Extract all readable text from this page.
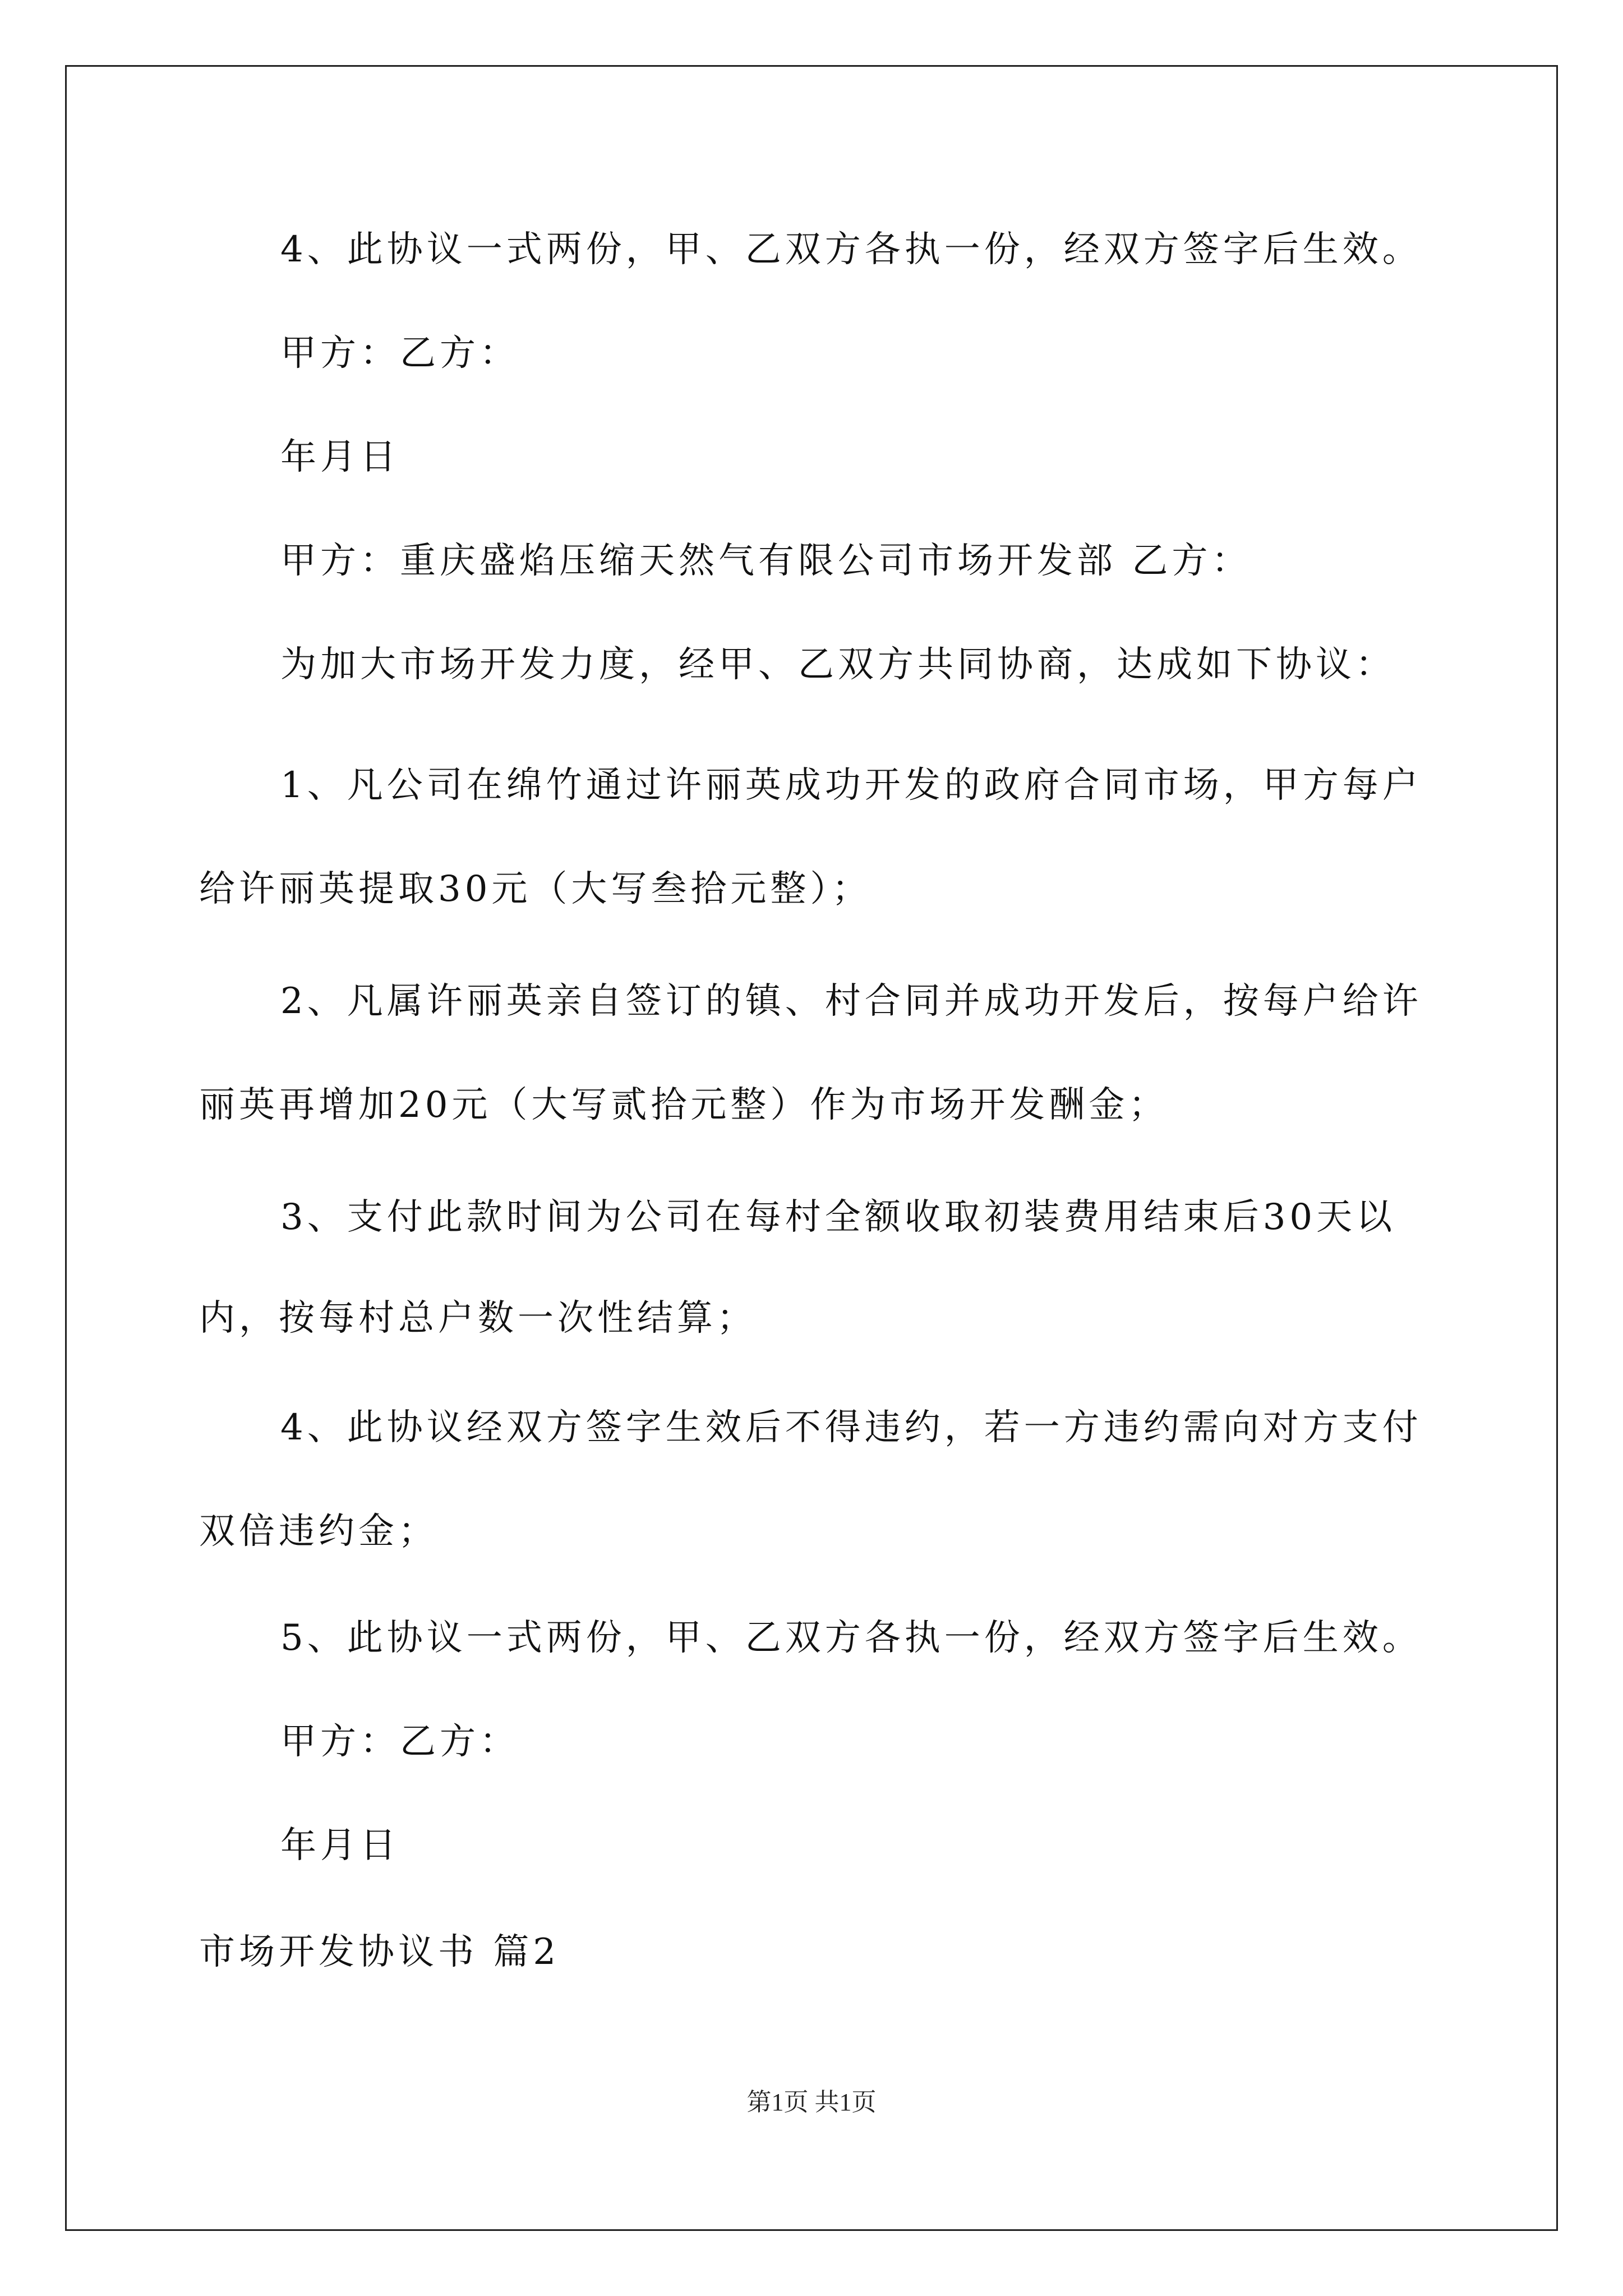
4、此协议一式两份，甲、乙双方各执一份，经双方签字后生效。
甲方：乙方：
年月日
甲方：重庆盛焰压缩天然气有限公司市场开发部 乙方：
为加大市场开发力度，经甲、乙双方共同协商，达成如下协议：
1、凡公司在绵竹通过许丽英成功开发的政府合同市场，甲方每户
给许丽英提取30元（大写叁拾元整）；
2、凡属许丽英亲自签订的镇、村合同并成功开发后，按每户给许
丽英再增加20元（大写贰拾元整）作为市场开发酬金；
3、支付此款时间为公司在每村全额收取初装费用结束后30天以
内，按每村总户数一次性结算；
4、此协议经双方签字生效后不得违约，若一方违约需向对方支付
双倍违约金；
5、此协议一式两份，甲、乙双方各执一份，经双方签字后生效。
甲方：乙方：
年月日
市场开发协议书 篇2
第1页 共1页
